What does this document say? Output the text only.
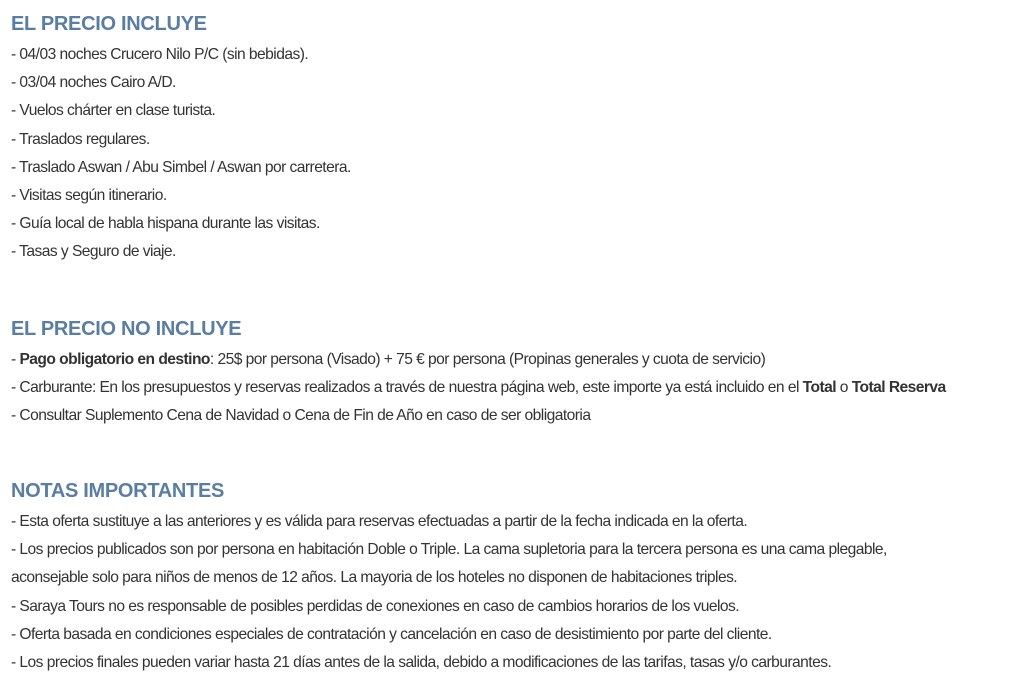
EL PRECIO INCLUYE
- 04/03 noches Crucero Nilo P/C (sin bebidas).
- 03/04 noches Cairo A/D.
- Vuelos chárter en clase turista.
- Traslados regulares.
- Traslado Aswan / Abu Simbel / Aswan por carretera.
- Visitas según itinerario.
- Guía local de habla hispana durante las visitas.
- Tasas y Seguro de viaje.
EL PRECIO NO INCLUYE
- Pago obligatorio en destino: 25$ por persona (Visado) + 75 € por persona (Propinas generales y cuota de servicio)
- Carburante: En los presupuestos y reservas realizados a través de nuestra página web, este importe ya está incluido en el Total o Total Reserva
- Consultar Suplemento Cena de Navidad o Cena de Fin de Año en caso de ser obligatoria
NOTAS IMPORTANTES
- Esta oferta sustituye a las anteriores y es válida para reservas efectuadas a partir de la fecha indicada en la oferta.
- Los precios publicados son por persona en habitación Doble o Triple. La cama supletoria para la tercera persona es una cama plegable,
aconsejable solo para niños de menos de 12 años. La mayoria de los hoteles no disponen de habitaciones triples.
- Saraya Tours no es responsable de posibles perdidas de conexiones en caso de cambios horarios de los vuelos.
- Oferta basada en condiciones especiales de contratación y cancelación en caso de desistimiento por parte del cliente.
- Los precios finales pueden variar hasta 21 días antes de la salida, debido a modificaciones de las tarifas, tasas y/o carburantes.
